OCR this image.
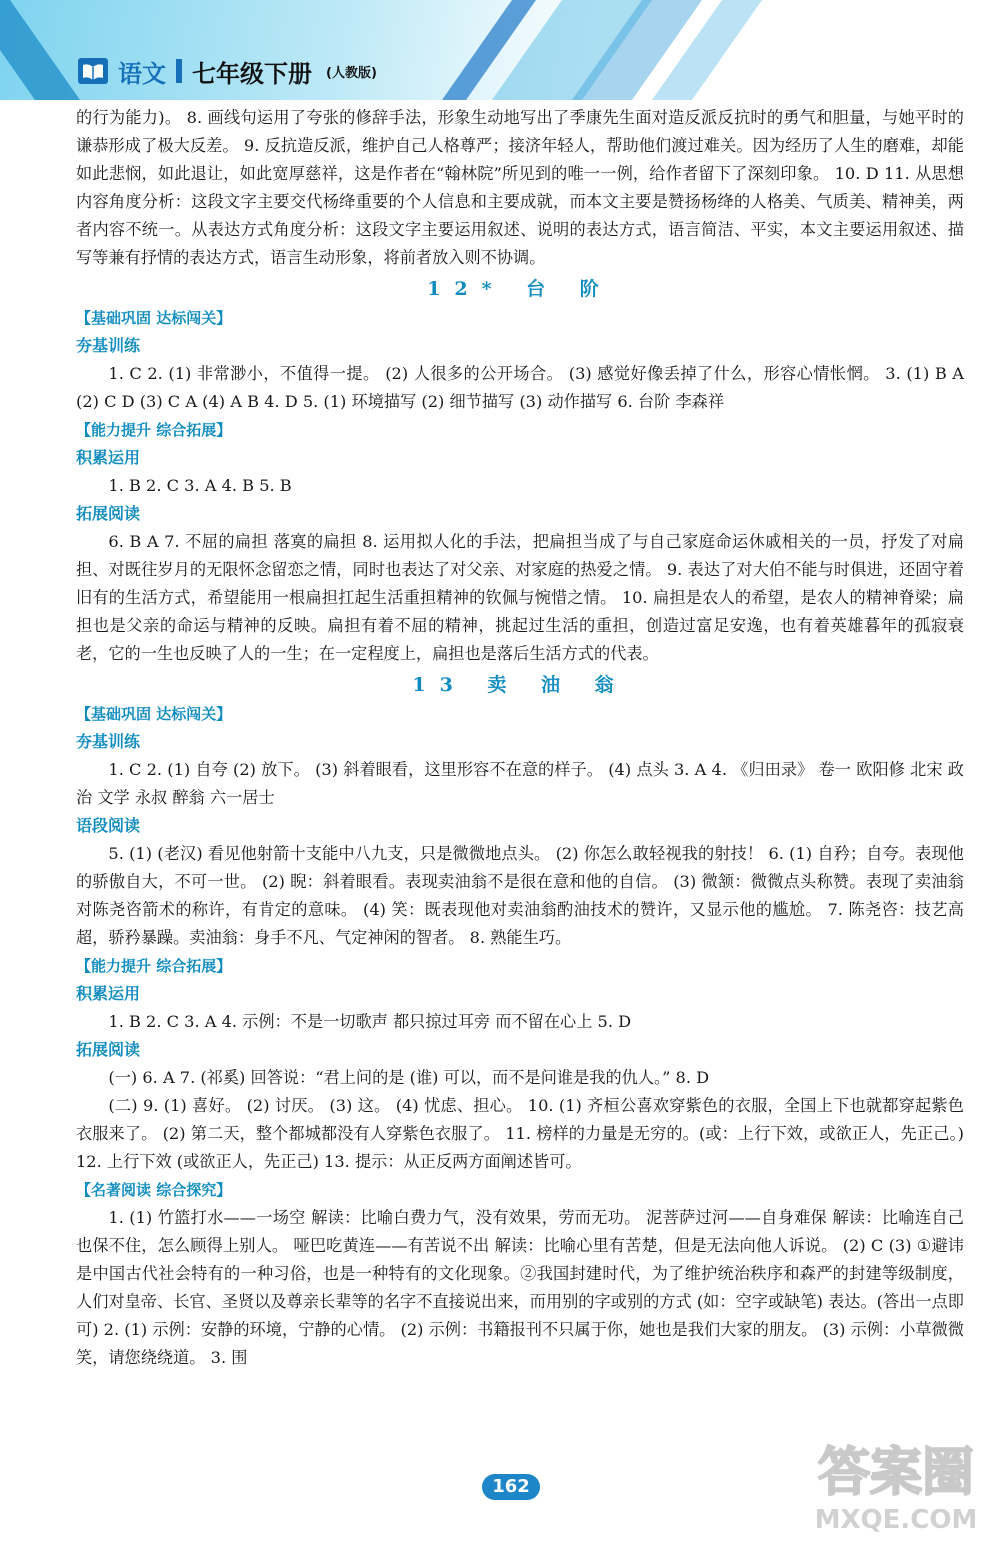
语文 七年级下册 (人教版)

的行为能力)。 8. 画线句运用了夸张的修辞手法，形象生动地写出了季康先生面对造反派反抗时的勇气和胆量，与她平时的谦恭形成了极大反差。 9. 反抗造反派，维护自己人格尊严；接济年轻人，帮助他们渡过难关。因为经历了人生的磨难，却能如此悲悯，如此退让，如此宽厚慈祥，这是作者在“翰林院”所见到的唯一一例，给作者留下了深刻印象。 10. D 11. 从思想内容角度分析：这段文字主要交代杨绛重要的个人信息和主要成就，而本文主要是赞扬杨绛的人格美、气质美、精神美，两者内容不统一。从表达方式角度分析：这段文字主要运用叙述、说明的表达方式，语言简洁、平实，本文主要运用叙述、描写等兼有抒情的表达方式，语言生动形象，将前者放入则不协调。

12* 台 阶
【基础巩固 达标闯关】
夯基训练

1. C 2. (1) 非常渺小，不值得一提。 (2) 人很多的公开场合。 (3) 感觉好像丢掉了什么，形容心情怅惘。 3. (1) B A (2) C D (3) C A (4) A B 4. D 5. (1) 环境描写 (2) 细节描写 (3) 动作描写 6. 台阶 李森祥

【能力提升 综合拓展】
积累运用

1. B 2. C 3. A 4. B 5. B

拓展阅读

6. B A 7. 不屈的扁担 落寞的扁担 8. 运用拟人化的手法，把扁担当成了与自己家庭命运休戚相关的一员，抒发了对扁担、对既往岁月的无限怀念留恋之情，同时也表达了对父亲、对家庭的热爱之情。 9. 表达了对大伯不能与时俱进，还固守着旧有的生活方式，希望能用一根扁担扛起生活重担精神的钦佩与惋惜之情。 10. 扁担是农人的希望，是农人的精神脊梁；扁担也是父亲的命运与精神的反映。扁担有着不屈的精神，挑起过生活的重担，创造过富足安逸，也有着英雄暮年的孤寂衰老，它的一生也反映了人的一生；在一定程度上，扁担也是落后生活方式的代表。

13 卖 油 翁
【基础巩固 达标闯关】
夯基训练

1. C 2. (1) 自夸 (2) 放下。 (3) 斜着眼看，这里形容不在意的样子。 (4) 点头 3. A 4. 《归田录》 卷一 欧阳修 北宋 政治 文学 永叔 醉翁 六一居士

语段阅读

5. (1) (老汉) 看见他射箭十支能中八九支，只是微微地点头。 (2) 你怎么敢轻视我的射技！ 6. (1) 自矜；自夸。表现他的骄傲自大，不可一世。 (2) 睨：斜着眼看。表现卖油翁不是很在意和他的自信。 (3) 微颔：微微点头称赞。表现了卖油翁对陈尧咨箭术的称许，有肯定的意味。 (4) 笑：既表现他对卖油翁酌油技术的赞许，又显示他的尴尬。 7. 陈尧咨：技艺高超，骄矜暴躁。卖油翁：身手不凡、气定神闲的智者。 8. 熟能生巧。

【能力提升 综合拓展】
积累运用

1. B 2. C 3. A 4. 示例：不是一切歌声 都只掠过耳旁 而不留在心上 5. D

拓展阅读

(一) 6. A 7. (祁奚) 回答说：“君上问的是 (谁) 可以，而不是问谁是我的仇人。” 8. D

(二) 9. (1) 喜好。 (2) 讨厌。 (3) 这。 (4) 忧虑、担心。 10. (1) 齐桓公喜欢穿紫色的衣服，全国上下也就都穿起紫色衣服来了。 (2) 第二天，整个都城都没有人穿紫色衣服了。 11. 榜样的力量是无穷的。(或：上行下效，或欲正人，先正己。) 12. 上行下效 (或欲正人，先正己) 13. 提示：从正反两方面阐述皆可。

【名著阅读 综合探究】

1. (1) 竹篮打水——一场空 解读：比喻白费力气，没有效果，劳而无功。 泥菩萨过河——自身难保 解读：比喻连自己也保不住，怎么顾得上别人。 哑巴吃黄连——有苦说不出 解读：比喻心里有苦楚，但是无法向他人诉说。 (2) C (3) ①避讳是中国古代社会特有的一种习俗，也是一种特有的文化现象。②我国封建时代，为了维护统治秩序和森严的封建等级制度，人们对皇帝、长官、圣贤以及尊亲长辈等的名字不直接说出来，而用别的字或别的方式 (如：空字或缺笔) 表达。(答出一点即可) 2. (1) 示例：安静的环境，宁静的心情。 (2) 示例：书籍报刊不只属于你，她也是我们大家的朋友。 (3) 示例：小草微微笑，请您绕绕道。 3. 围

162	答案圈
MXQE.COM
